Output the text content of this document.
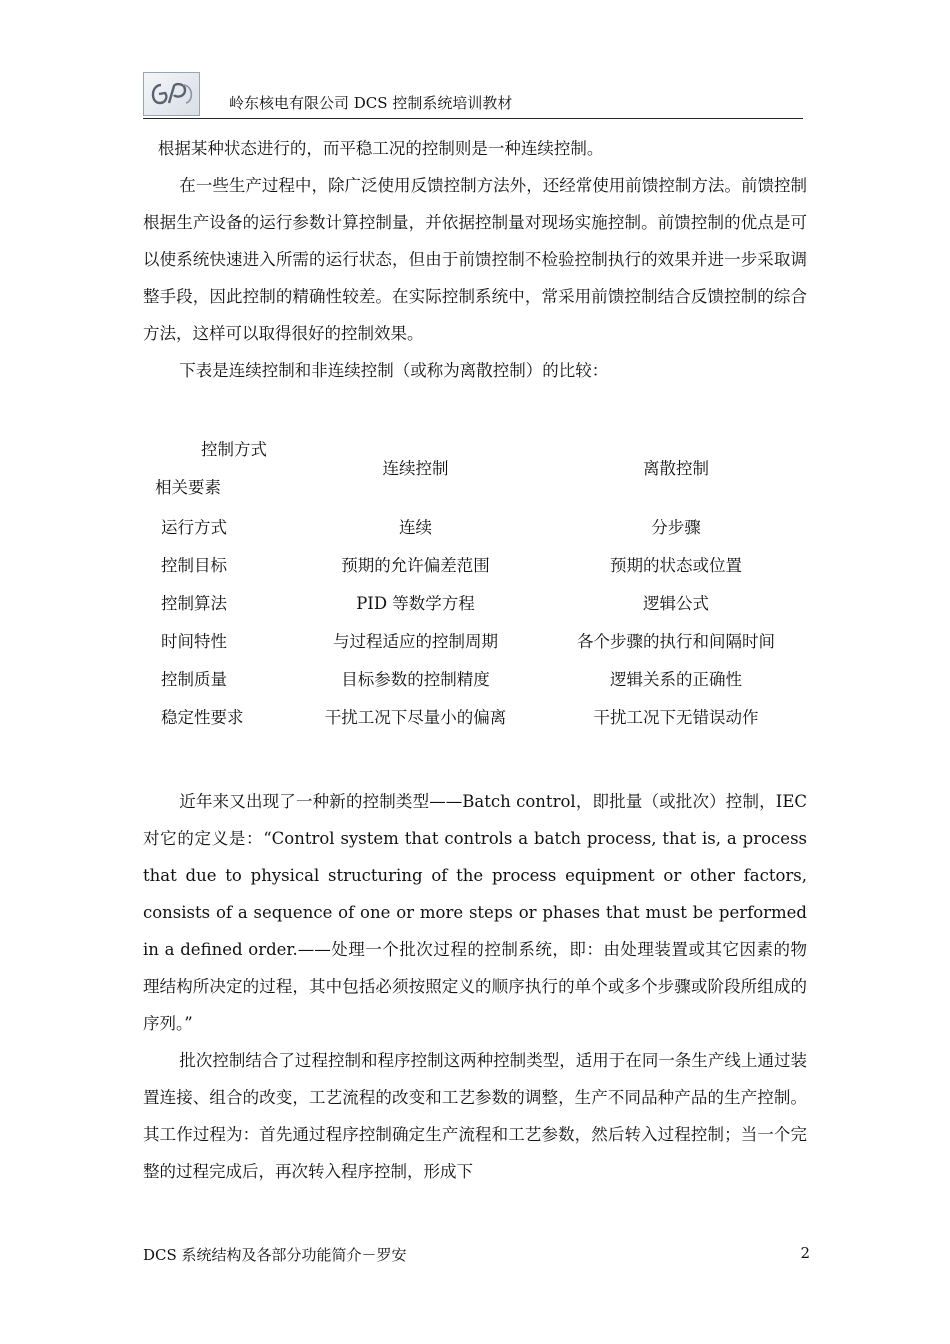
岭东核电有限公司 DCS 控制系统培训教材

根据某种状态进行的，而平稳工况的控制则是一种连续控制。

在一些生产过程中，除广泛使用反馈控制方法外，还经常使用前馈控制方法。前馈控制根据生产设备的运行参数计算控制量，并依据控制量对现场实施控制。前馈控制的优点是可以使系统快速进入所需的运行状态，但由于前馈控制不检验控制执行的效果并进一步采取调整手段，因此控制的精确性较差。在实际控制系统中，常采用前馈控制结合反馈控制的综合方法，这样可以取得很好的控制效果。

下表是连续控制和非连续控制（或称为离散控制）的比较：

控制方式
相关要素
连续控制	离散控制
运行方式	连续	分步骤
控制目标	预期的允许偏差范围	预期的状态或位置
控制算法	PID 等数学方程	逻辑公式
时间特性	与过程适应的控制周期	各个步骤的执行和间隔时间
控制质量	目标参数的控制精度	逻辑关系的正确性
稳定性要求	干扰工况下尽量小的偏离	干扰工况下无错误动作

近年来又出现了一种新的控制类型——Batch control，即批量（或批次）控制，IEC 对它的定义是：“Control system that controls a batch process, that is, a process that due to physical structuring of the process equipment or other factors, consists of a sequence of one or more steps or phases that must be performed in a defined order.——处理一个批次过程的控制系统，即：由处理装置或其它因素的物理结构所决定的过程，其中包括必须按照定义的顺序执行的单个或多个步骤或阶段所组成的序列。”

批次控制结合了过程控制和程序控制这两种控制类型，适用于在同一条生产线上通过装置连接、组合的改变，工艺流程的改变和工艺参数的调整，生产不同品种产品的生产控制。其工作过程为：首先通过程序控制确定生产流程和工艺参数，然后转入过程控制；当一个完整的过程完成后，再次转入程序控制，形成下

DCS 系统结构及各部分功能简介－罗安	2
